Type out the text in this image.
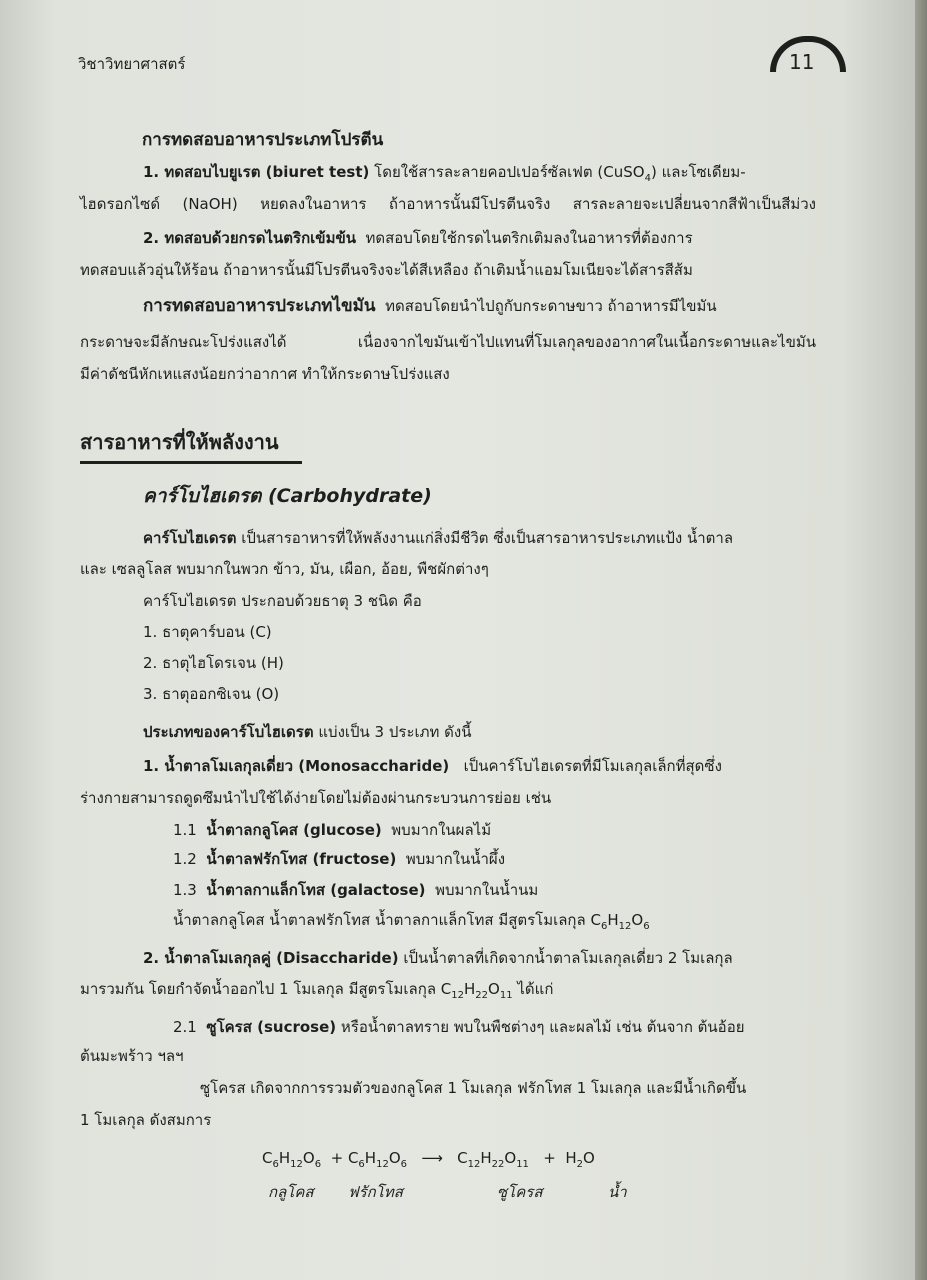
วิชาวิทยาศาสตร์	11
การทดสอบอาหารประเภทโปรตีน
1. ทดสอบไบยูเรต (biuret test) โดยใช้สารละลายคอปเปอร์ซัลเฟต (CuSO$_4$) และโซเดียม-
ไฮดรอกไซด์ (NaOH) หยดลงในอาหาร ถ้าอาหารนั้นมีโปรตีนจริง สารละลายจะเปลี่ยนจากสีฟ้าเป็นสีม่วง
2. ทดสอบด้วยกรดไนตริกเข้มข้น ทดสอบโดยใช้กรดไนตริกเติมลงในอาหารที่ต้องการ
ทดสอบแล้วอุ่นให้ร้อน ถ้าอาหารนั้นมีโปรตีนจริงจะได้สีเหลือง ถ้าเติมน้ำแอมโมเนียจะได้สารสีส้ม
การทดสอบอาหารประเภทไขมัน ทดสอบโดยนำไปถูกับกระดาษขาว ถ้าอาหารมีไขมัน
กระดาษจะมีลักษณะโปร่งแสงได้ เนื่องจากไขมันเข้าไปแทนที่โมเลกุลของอากาศในเนื้อกระดาษและไขมัน
มีค่าดัชนีหักเหแสงน้อยกว่าอากาศ ทำให้กระดาษโปร่งแสง
สารอาหารที่ให้พลังงาน
คาร์โบไฮเดรต (Carbohydrate)
คาร์โบไฮเดรต เป็นสารอาหารที่ให้พลังงานแก่สิ่งมีชีวิต ซึ่งเป็นสารอาหารประเภทแป้ง น้ำตาล
และ เซลลูโลส พบมากในพวก ข้าว, มัน, เผือก, อ้อย, พืชผักต่างๆ
คาร์โบไฮเดรต ประกอบด้วยธาตุ 3 ชนิด คือ
1. ธาตุคาร์บอน (C)
2. ธาตุไฮโดรเจน (H)
3. ธาตุออกซิเจน (O)
ประเภทของคาร์โบไฮเดรต แบ่งเป็น 3 ประเภท ดังนี้
1. น้ำตาลโมเลกุลเดี่ยว (Monosaccharide) เป็นคาร์โบไฮเดรตที่มีโมเลกุลเล็กที่สุดซึ่ง
ร่างกายสามารถดูดซึมนำไปใช้ได้ง่ายโดยไม่ต้องผ่านกระบวนการย่อย เช่น
1.1 น้ำตาลกลูโคส (glucose) พบมากในผลไม้
1.2 น้ำตาลฟรักโทส (fructose) พบมากในน้ำผึ้ง
1.3 น้ำตาลกาแล็กโทส (galactose) พบมากในน้ำนม
น้ำตาลกลูโคส น้ำตาลฟรักโทส น้ำตาลกาแล็กโทส มีสูตรโมเลกุล $C_6H_{12}O_6$
2. น้ำตาลโมเลกุลคู่ (Disaccharide) เป็นน้ำตาลที่เกิดจากน้ำตาลโมเลกุลเดี่ยว 2 โมเลกุล
มารวมกัน โดยกำจัดน้ำออกไป 1 โมเลกุล มีสูตรโมเลกุล $C_{12}H_{22}O_{11}$ ได้แก่
2.1 ซูโครส (sucrose) หรือน้ำตาลทราย พบในพืชต่างๆ และผลไม้ เช่น ต้นจาก ต้นอ้อย
ต้นมะพร้าว ฯลฯ
ซูโครส เกิดจากการรวมตัวของกลูโคส 1 โมเลกุล ฟรักโทส 1 โมเลกุล และมีน้ำเกิดขึ้น
1 โมเลกุล ดังสมการ
$C_6H_{12}O_6 + C_6H_{12}O_6$ ⟶ $C_{12}H_{22}O_{11} + H_2O$
กลูโคส ฟรักโทส	ซูโครส	น้ำ
